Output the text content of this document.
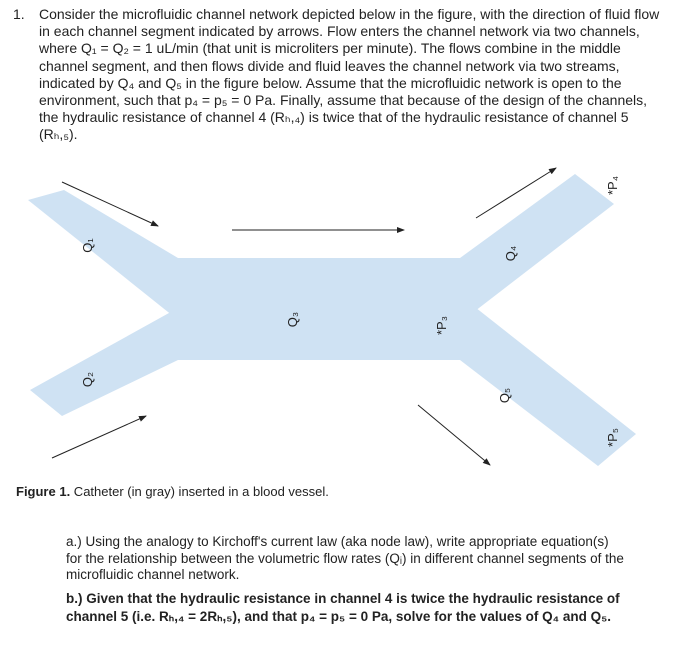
1. Consider the microfluidic channel network depicted below in the figure, with the direction of fluid flow in each channel segment indicated by arrows. Flow enters the channel network via two channels, where Q₁ = Q₂ = 1 uL/min (that unit is microliters per minute). The flows combine in the middle channel segment, and then flows divide and fluid leaves the channel network via two streams, indicated by Q₄ and Q₅ in the figure below. Assume that the microfluidic network is open to the environment, such that p₄ = p₅ = 0 Pa. Finally, assume that because of the design of the channels, the hydraulic resistance of channel 4 (Rₕ,₄) is twice that of the hydraulic resistance of channel 5 (Rₕ,₅).

Q₁
Q₂
Q₃
Q₄
Q₅
*P₃
*P₄
*P₅
Figure 1. Catheter (in gray) inserted in a blood vessel.

a.) Using the analogy to Kirchoff's current law (aka node law), write appropriate equation(s) for the relationship between the volumetric flow rates (Qᵢ) in different channel segments of the microfluidic channel network.

b.) Given that the hydraulic resistance in channel 4 is twice the hydraulic resistance of channel 5 (i.e. Rₕ,₄ = 2Rₕ,₅), and that p₄ = p₅ = 0 Pa, solve for the values of Q₄ and Q₅.
